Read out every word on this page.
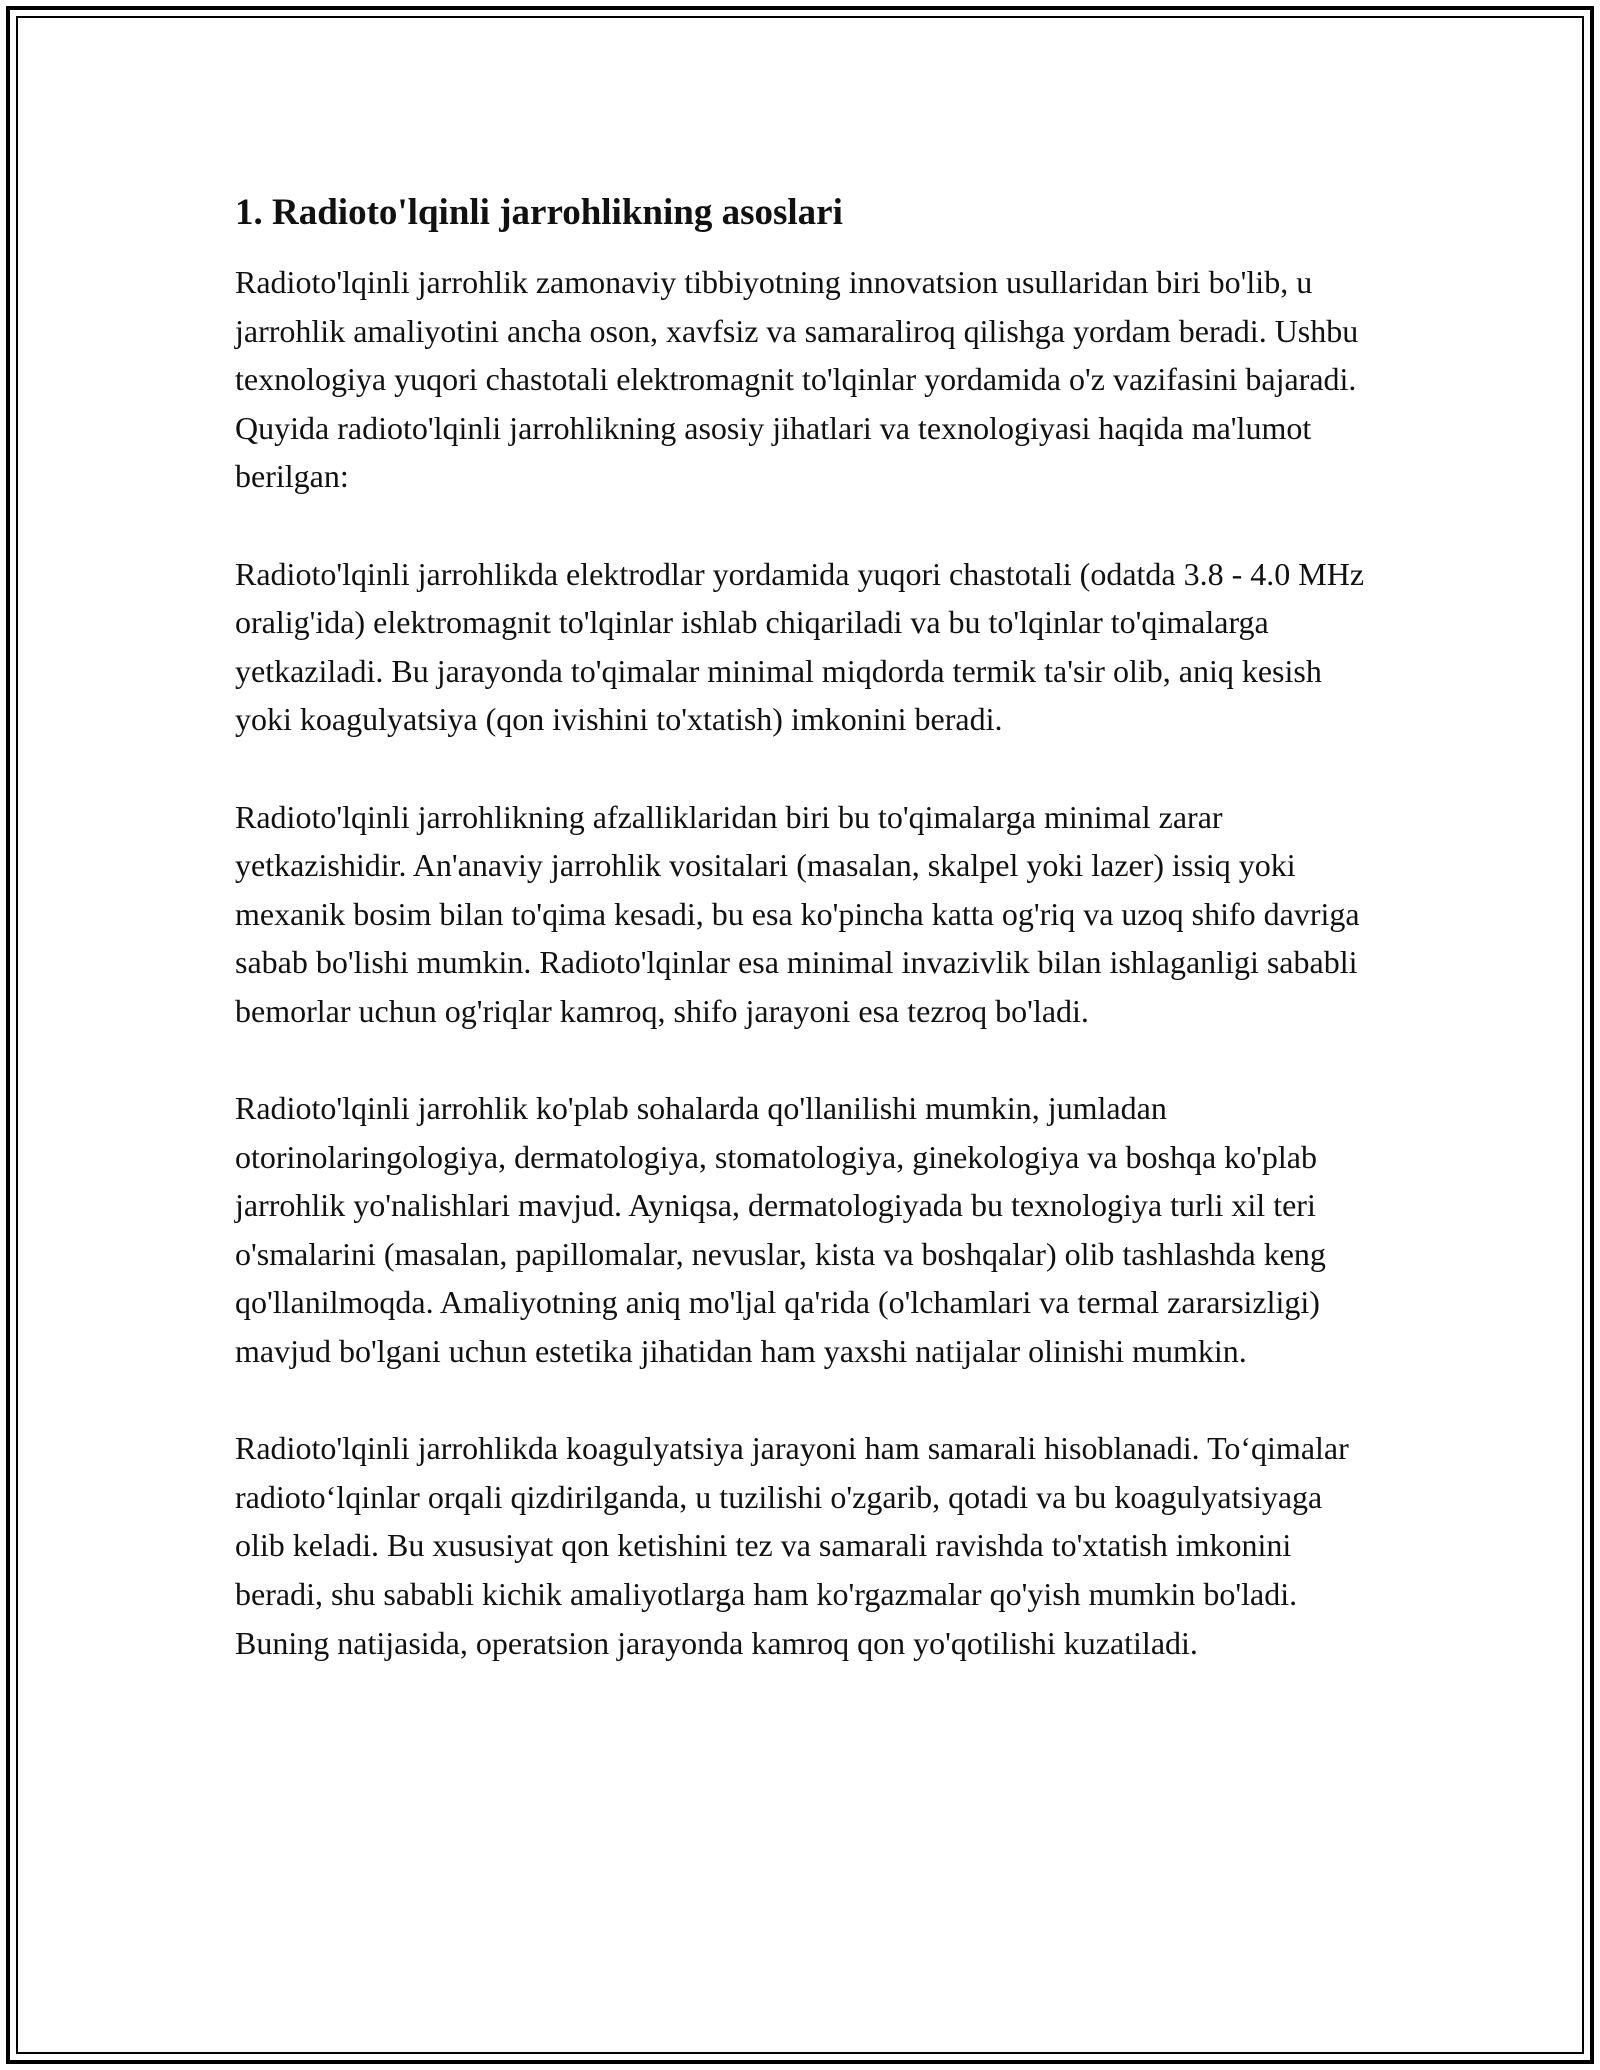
1. Radioto'lqinli jarrohlikning asoslari

Radioto'lqinli jarrohlik zamonaviy tibbiyotning innovatsion usullaridan biri bo'lib, u jarrohlik amaliyotini ancha oson, xavfsiz va samaraliroq qilishga yordam beradi. Ushbu texnologiya yuqori chastotali elektromagnit to'lqinlar yordamida o'z vazifasini bajaradi. Quyida radioto'lqinli jarrohlikning asosiy jihatlari va texnologiyasi haqida ma'lumot berilgan:

Radioto'lqinli jarrohlikda elektrodlar yordamida yuqori chastotali (odatda 3.8 - 4.0 MHz oralig'ida) elektromagnit to'lqinlar ishlab chiqariladi va bu to'lqinlar to'qimalarga yetkaziladi. Bu jarayonda to'qimalar minimal miqdorda termik ta'sir olib, aniq kesish yoki koagulyatsiya (qon ivishini to'xtatish) imkonini beradi.

Radioto'lqinli jarrohlikning afzalliklaridan biri bu to'qimalarga minimal zarar yetkazishidir. An'anaviy jarrohlik vositalari (masalan, skalpel yoki lazer) issiq yoki mexanik bosim bilan to'qima kesadi, bu esa ko'pincha katta og'riq va uzoq shifo davriga sabab bo'lishi mumkin. Radioto'lqinlar esa minimal invazivlik bilan ishlaganligi sababli bemorlar uchun og'riqlar kamroq, shifo jarayoni esa tezroq bo'ladi.

Radioto'lqinli jarrohlik ko'plab sohalarda qo'llanilishi mumkin, jumladan otorinolaringologiya, dermatologiya, stomatologiya, ginekologiya va boshqa ko'plab jarrohlik yo'nalishlari mavjud. Ayniqsa, dermatologiyada bu texnologiya turli xil teri o'smalarini (masalan, papillomalar, nevuslar, kista va boshqalar) olib tashlashda keng qo'llanilmoqda. Amaliyotning aniq mo'ljal qa'rida (o'lchamlari va termal zararsizligi) mavjud bo'lgani uchun estetika jihatidan ham yaxshi natijalar olinishi mumkin.

Radioto'lqinli jarrohlikda koagulyatsiya jarayoni ham samarali hisoblanadi. To‘qimalar radioto‘lqinlar orqali qizdirilganda, u tuzilishi o'zgarib, qotadi va bu koagulyatsiyaga olib keladi. Bu xususiyat qon ketishini tez va samarali ravishda to'xtatish imkonini beradi, shu sababli kichik amaliyotlarga ham ko'rgazmalar qo'yish mumkin bo'ladi. Buning natijasida, operatsion jarayonda kamroq qon yo'qotilishi kuzatiladi.
